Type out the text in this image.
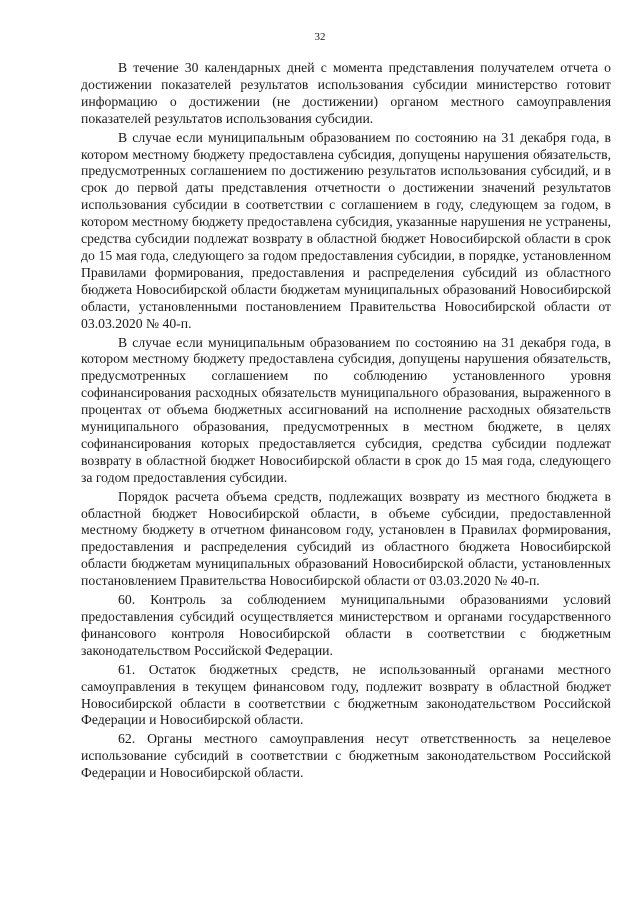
32

В течение 30 календарных дней с момента представления получателем отчета о достижении показателей результатов использования субсидии министерство готовит информацию о достижении (не достижении) органом местного самоуправления показателей результатов использования субсидии.

В случае если муниципальным образованием по состоянию на 31 декабря года, в котором местному бюджету предоставлена субсидия, допущены нарушения обязательств, предусмотренных соглашением по достижению результатов использования субсидий, и в срок до первой даты представления отчетности о достижении значений результатов использования субсидии в соответствии с соглашением в году, следующем за годом, в котором местному бюджету предоставлена субсидия, указанные нарушения не устранены, средства субсидии подлежат возврату в областной бюджет Новосибирской области в срок до 15 мая года, следующего за годом предоставления субсидии, в порядке, установленном Правилами формирования, предоставления и распределения субсидий из областного бюджета Новосибирской области бюджетам муниципальных образований Новосибирской области, установленными постановлением Правительства Новосибирской области от 03.03.2020 № 40-п.

В случае если муниципальным образованием по состоянию на 31 декабря года, в котором местному бюджету предоставлена субсидия, допущены нарушения обязательств, предусмотренных соглашением по соблюдению установленного уровня софинансирования расходных обязательств муниципального образования, выраженного в процентах от объема бюджетных ассигнований на исполнение расходных обязательств муниципального образования, предусмотренных в местном бюджете, в целях софинансирования которых предоставляется субсидия, средства субсидии подлежат возврату в областной бюджет Новосибирской области в срок до 15 мая года, следующего за годом предоставления субсидии.

Порядок расчета объема средств, подлежащих возврату из местного бюджета в областной бюджет Новосибирской области, в объеме субсидии, предоставленной местному бюджету в отчетном финансовом году, установлен в Правилах формирования, предоставления и распределения субсидий из областного бюджета Новосибирской области бюджетам муниципальных образований Новосибирской области, установленных постановлением Правительства Новосибирской области от 03.03.2020 № 40-п.

60. Контроль за соблюдением муниципальными образованиями условий предоставления субсидий осуществляется министерством и органами государственного финансового контроля Новосибирской области в соответствии с бюджетным законодательством Российской Федерации.

61. Остаток бюджетных средств, не использованный органами местного самоуправления в текущем финансовом году, подлежит возврату в областной бюджет Новосибирской области в соответствии с бюджетным законодательством Российской Федерации и Новосибирской области.

62. Органы местного самоуправления несут ответственность за нецелевое использование субсидий в соответствии с бюджетным законодательством Российской Федерации и Новосибирской области.
